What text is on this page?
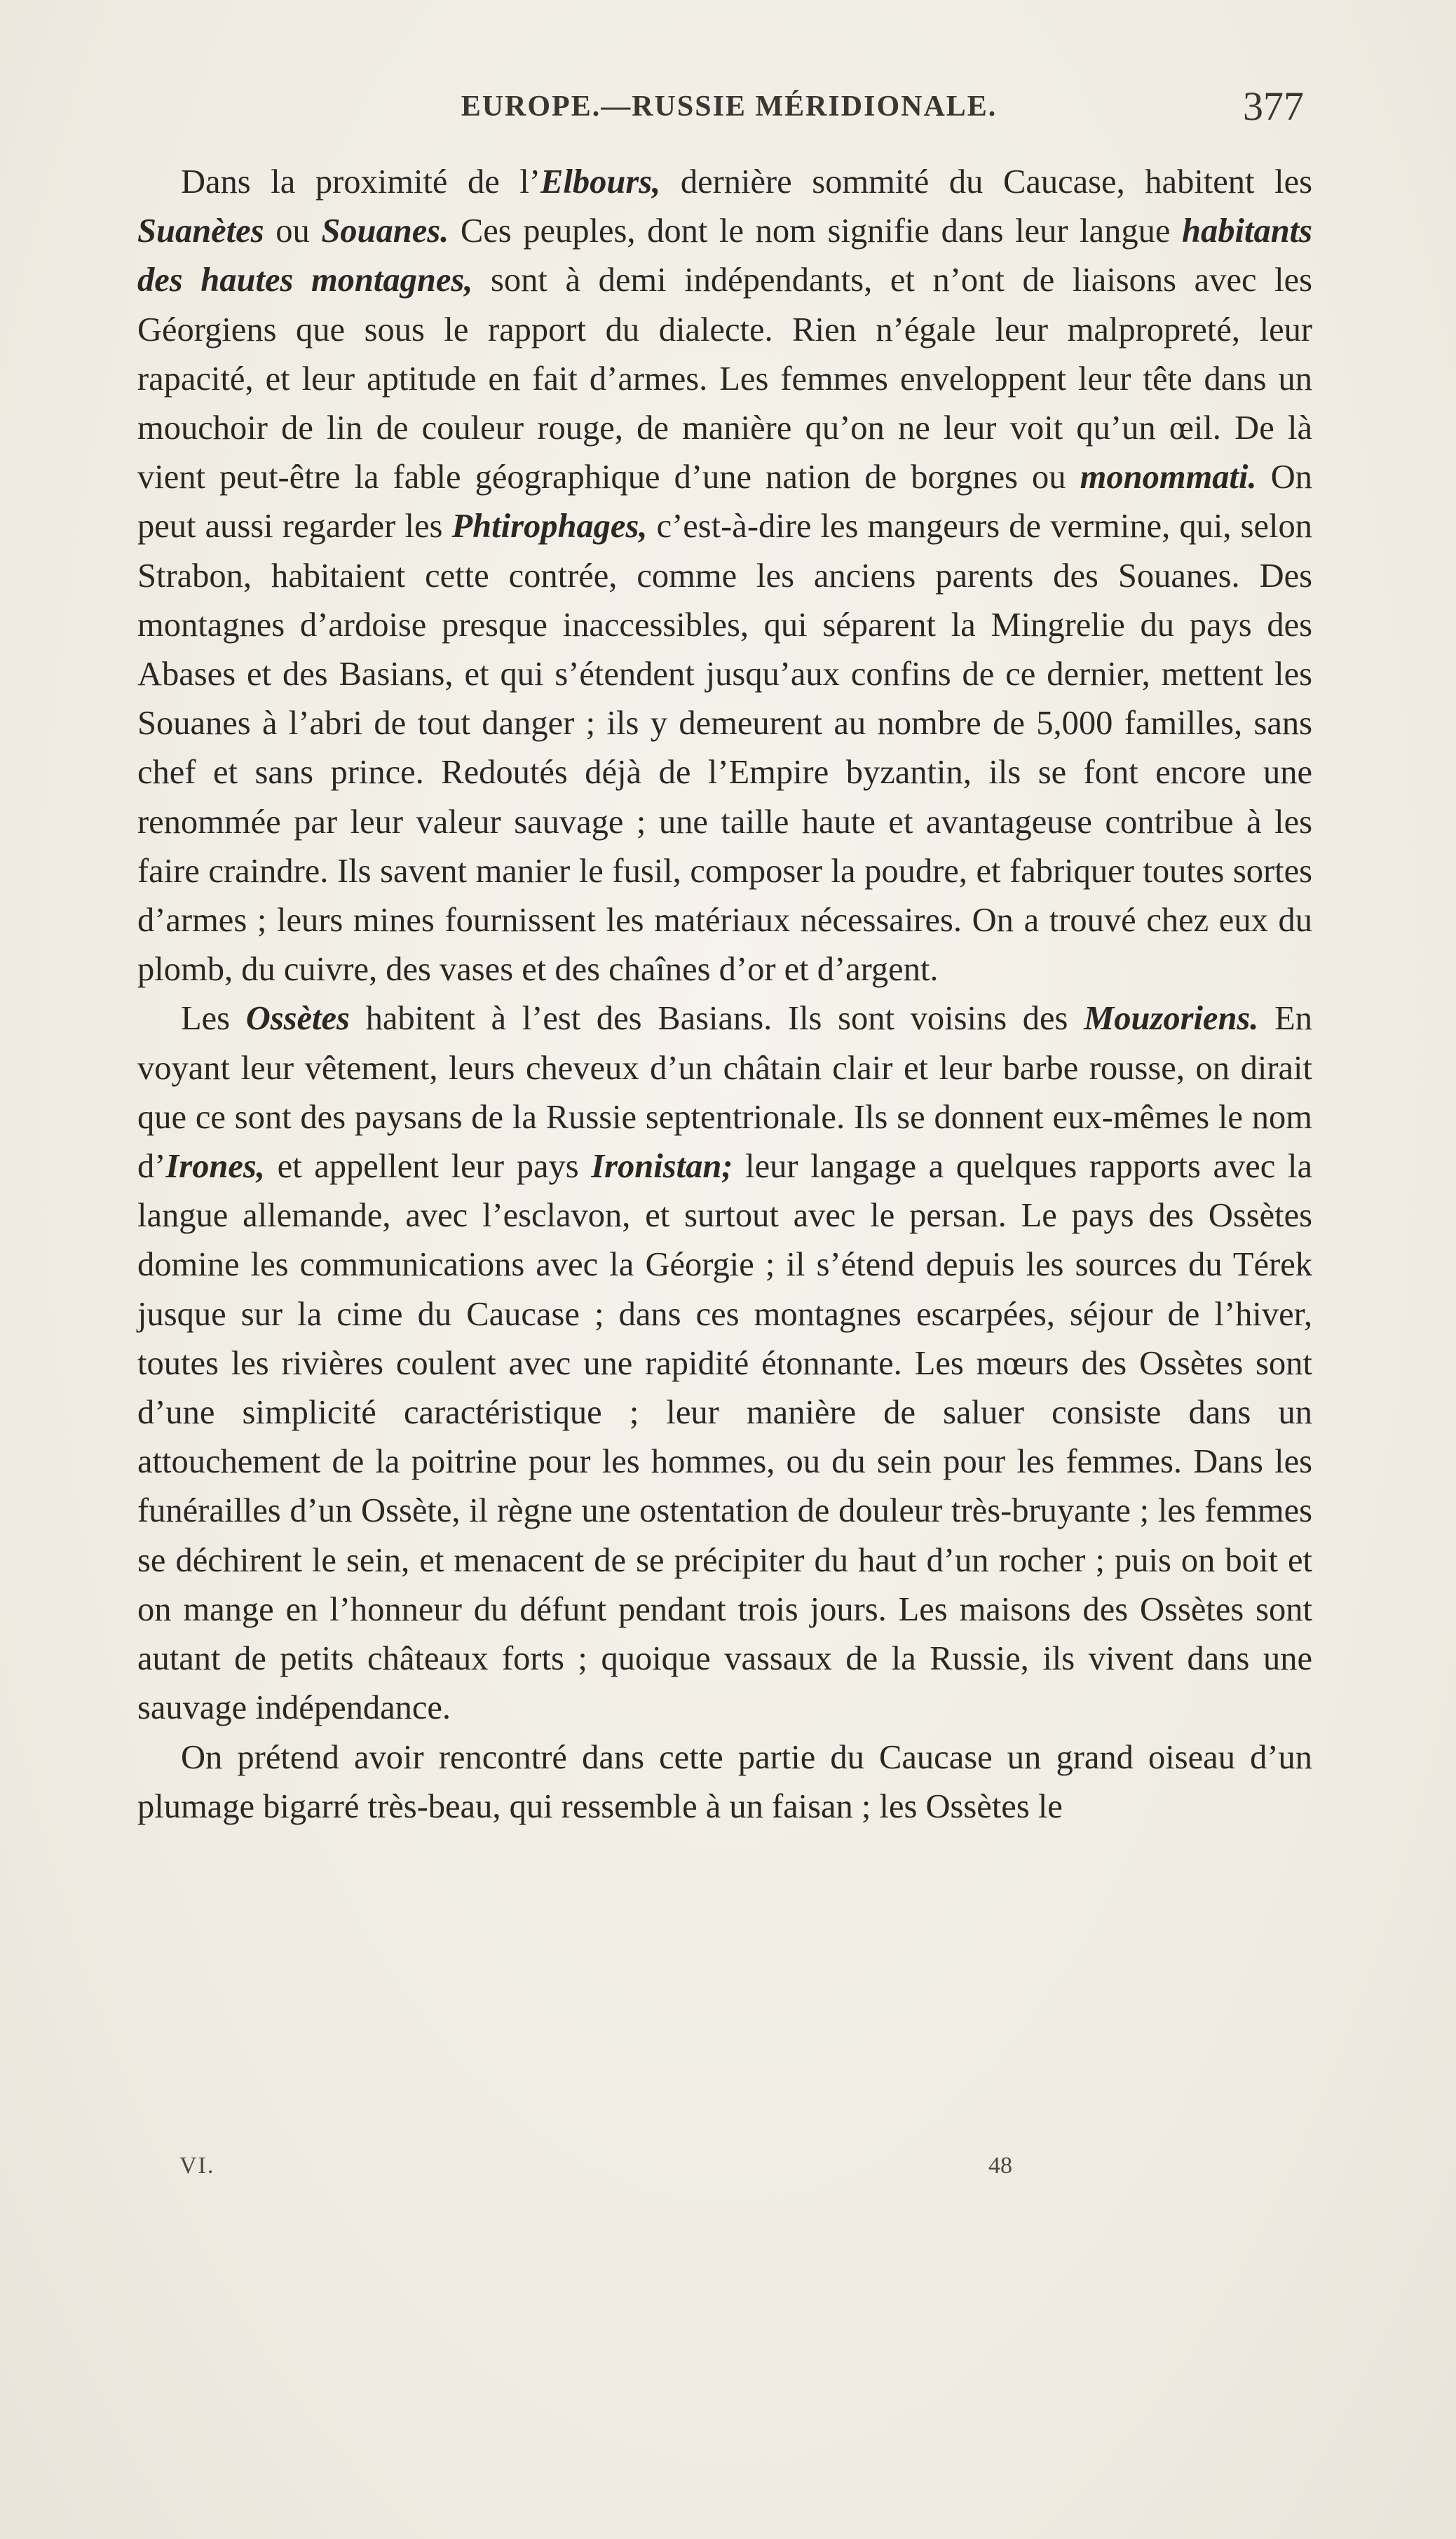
EUROPE.—RUSSIE MÉRIDIONALE.	377

Dans la proximité de l’Elbours, dernière sommité du Caucase, habitent les Suanètes ou Souanes. Ces peuples, dont le nom signifie dans leur langue habitants des hautes montagnes, sont à demi indépendants, et n’ont de liaisons avec les Géorgiens que sous le rapport du dialecte. Rien n’égale leur malpropreté, leur rapacité, et leur aptitude en fait d’armes. Les femmes enveloppent leur tête dans un mouchoir de lin de couleur rouge, de manière qu’on ne leur voit qu’un œil. De là vient peut-être la fable géographique d’une nation de borgnes ou monommati. On peut aussi regarder les Phtirophages, c’est-à-dire les mangeurs de vermine, qui, selon Strabon, habitaient cette contrée, comme les anciens parents des Souanes. Des montagnes d’ardoise presque inaccessibles, qui séparent la Mingrelie du pays des Abases et des Basians, et qui s’étendent jusqu’aux confins de ce dernier, mettent les Souanes à l’abri de tout danger ; ils y demeurent au nombre de 5,000 familles, sans chef et sans prince. Redoutés déjà de l’Empire byzantin, ils se font encore une renommée par leur valeur sauvage ; une taille haute et avantageuse contribue à les faire craindre. Ils savent manier le fusil, composer la poudre, et fabriquer toutes sortes d’armes ; leurs mines fournissent les matériaux nécessaires. On a trouvé chez eux du plomb, du cuivre, des vases et des chaînes d’or et d’argent.

Les Ossètes habitent à l’est des Basians. Ils sont voisins des Mouzoriens. En voyant leur vêtement, leurs cheveux d’un châtain clair et leur barbe rousse, on dirait que ce sont des paysans de la Russie septentrionale. Ils se donnent eux-mêmes le nom d’Irones, et appellent leur pays Ironistan; leur langage a quelques rapports avec la langue allemande, avec l’esclavon, et surtout avec le persan. Le pays des Ossètes domine les communications avec la Géorgie ; il s’étend depuis les sources du Térek jusque sur la cime du Caucase ; dans ces montagnes escarpées, séjour de l’hiver, toutes les rivières coulent avec une rapidité étonnante. Les mœurs des Ossètes sont d’une simplicité caractéristique ; leur manière de saluer consiste dans un attouchement de la poitrine pour les hommes, ou du sein pour les femmes. Dans les funérailles d’un Ossète, il règne une ostentation de douleur très-bruyante ; les femmes se déchirent le sein, et menacent de se précipiter du haut d’un rocher ; puis on boit et on mange en l’honneur du défunt pendant trois jours. Les maisons des Ossètes sont autant de petits châteaux forts ; quoique vassaux de la Russie, ils vivent dans une sauvage indépendance.

On prétend avoir rencontré dans cette partie du Caucase un grand oiseau d’un plumage bigarré très-beau, qui ressemble à un faisan ; les Ossètes le

VI.	48
